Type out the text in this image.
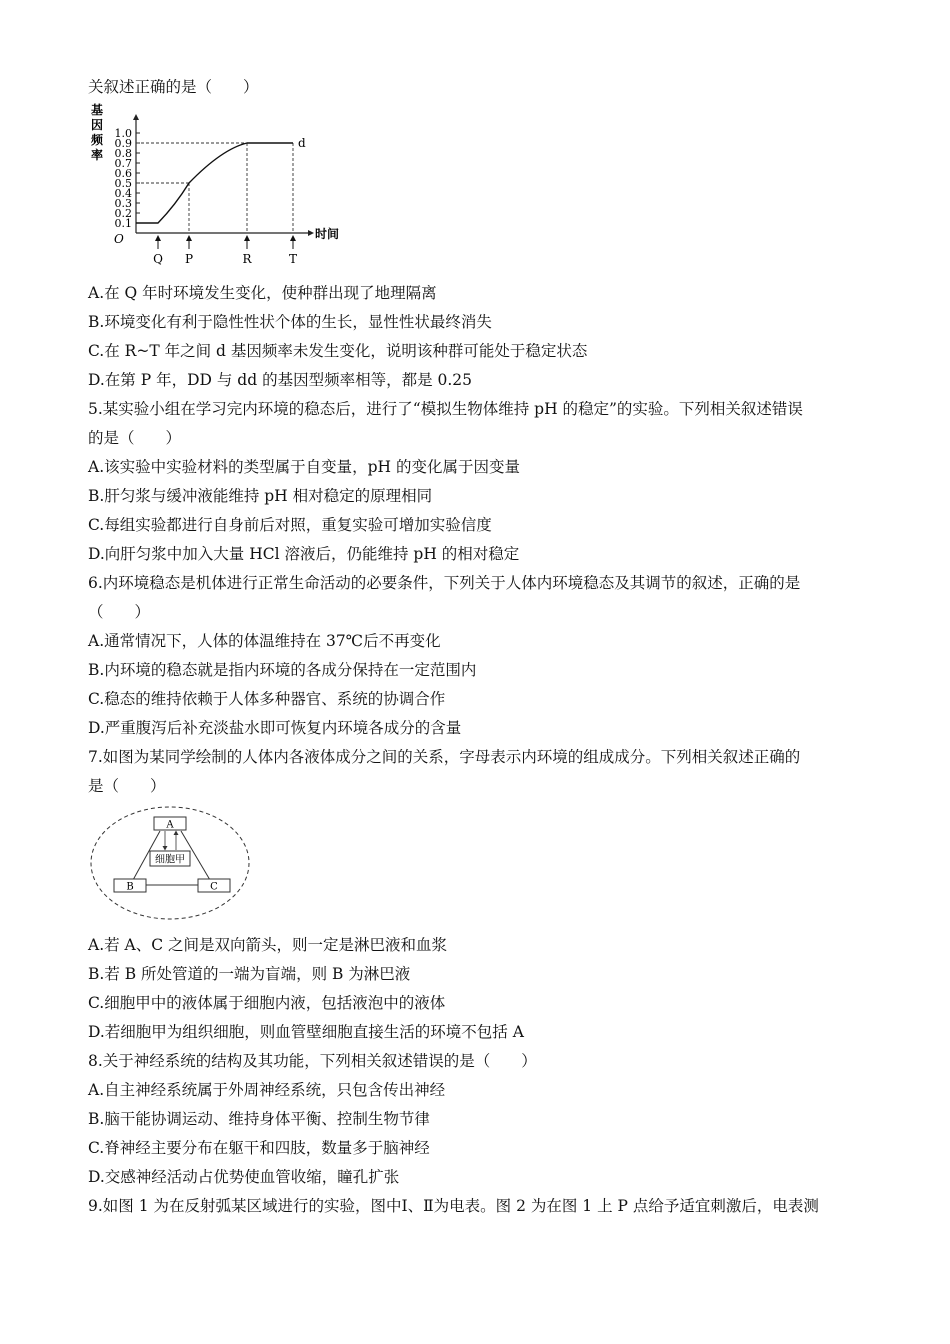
关叙述正确的是（　　）
A.在 Q 年时环境发生变化，使种群出现了地理隔离
B.环境变化有利于隐性性状个体的生长，显性性状最终消失
C.在 R~T 年之间 d 基因频率未发生变化，说明该种群可能处于稳定状态
D.在第 P 年，DD 与 dd 的基因型频率相等，都是 0.25
5.某实验小组在学习完内环境的稳态后，进行了“模拟生物体维持 pH 的稳定”的实验。下列相关叙述错误
的是（　　）
A.该实验中实验材料的类型属于自变量，pH 的变化属于因变量
B.肝匀浆与缓冲液能维持 pH 相对稳定的原理相同
C.每组实验都进行自身前后对照，重复实验可增加实验信度
D.向肝匀浆中加入大量 HCl 溶液后，仍能维持 pH 的相对稳定
6.内环境稳态是机体进行正常生命活动的必要条件，下列关于人体内环境稳态及其调节的叙述，正确的是
（　　）
A.通常情况下，人体的体温维持在 37℃后不再变化
B.内环境的稳态就是指内环境的各成分保持在一定范围内
C.稳态的维持依赖于人体多种器官、系统的协调合作
D.严重腹泻后补充淡盐水即可恢复内环境各成分的含量
7.如图为某同学绘制的人体内各液体成分之间的关系，字母表示内环境的组成成分。下列相关叙述正确的
是（　　）
A.若 A、C 之间是双向箭头，则一定是淋巴液和血浆
B.若 B 所处管道的一端为盲端，则 B 为淋巴液
C.细胞甲中的液体属于细胞内液，包括液泡中的液体
D.若细胞甲为组织细胞，则血管壁细胞直接生活的环境不包括 A
8.关于神经系统的结构及其功能，下列相关叙述错误的是（　　）
A.自主神经系统属于外周神经系统，只包含传出神经
B.脑干能协调运动、维持身体平衡、控制生物节律
C.脊神经主要分布在躯干和四肢，数量多于脑神经
D.交感神经活动占优势使血管收缩，瞳孔扩张
9.如图 1 为在反射弧某区域进行的实验，图中Ⅰ、Ⅱ为电表。图 2 为在图 1 上 P 点给予适宜刺激后，电表测
基
因
频
率
0.1
0.2
0.3
0.4
0.5
0.6
0.7
0.8
0.9
1.0
O	时间
d
Q P	R	T
A
细胞甲
B	C
